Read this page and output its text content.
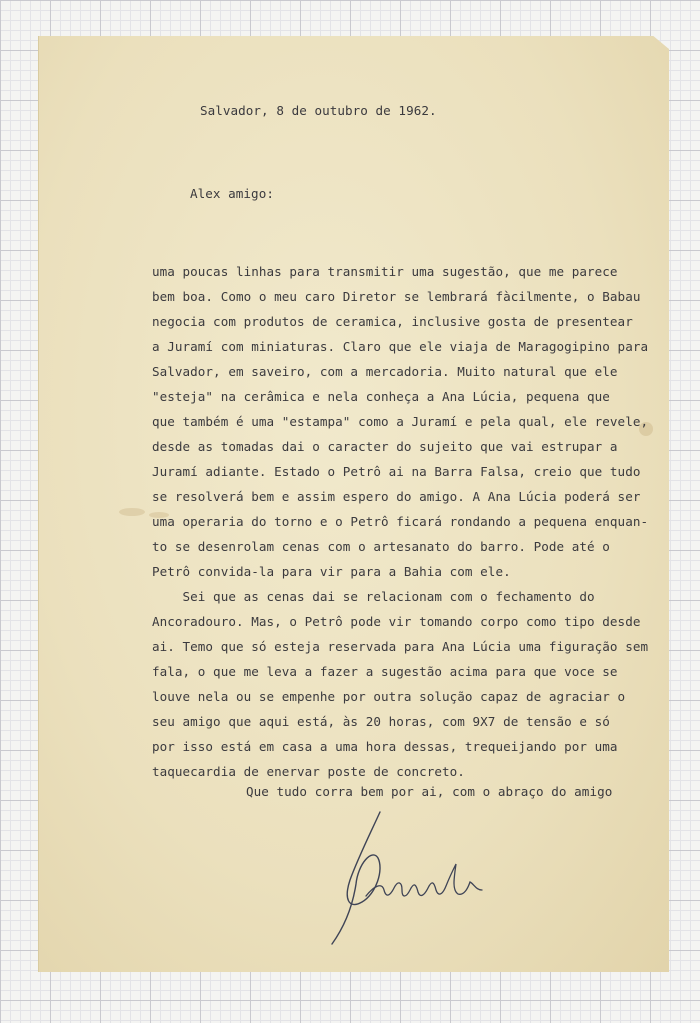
Salvador, 8 de outubro de 1962.
Alex amigo:
uma poucas linhas para transmitir uma sugestão, que me parece
bem boa. Como o meu caro Diretor se lembrará fàcilmente, o Babau
negocia com produtos de ceramica, inclusive gosta de presentear
a Juramí com miniaturas. Claro que ele viaja de Maragogipino para
Salvador, em saveiro, com a mercadoria. Muito natural que ele
"esteja" na cerâmica e nela conheça a Ana Lúcia, pequena que
que também é uma "estampa" como a Juramí e pela qual, ele revele,
desde as tomadas dai o caracter do sujeito que vai estrupar a
Juramí adiante. Estado o Petrô ai na Barra Falsa, creio que tudo
se resolverá bem e assim espero do amigo. A Ana Lúcia poderá ser
uma operaria do torno e o Petrô ficará rondando a pequena enquan-
to se desenrolam cenas com o artesanato do barro. Pode até o
Petrô convida-la para vir para a Bahia com ele.
Sei que as cenas dai se relacionam com o fechamento do
Ancoradouro. Mas, o Petrô pode vir tomando corpo como tipo desde
ai. Temo que só esteja reservada para Ana Lúcia uma figuração sem
fala, o que me leva a fazer a sugestão acima para que voce se
louve nela ou se empenhe por outra solução capaz de agraciar o
seu amigo que aqui está, às 20 horas, com 9X7 de tensão e só
por isso está em casa a uma hora dessas, trequeijando por uma
taquecardia de enervar poste de concreto.
Que tudo corra bem por ai, com o abraço do amigo
